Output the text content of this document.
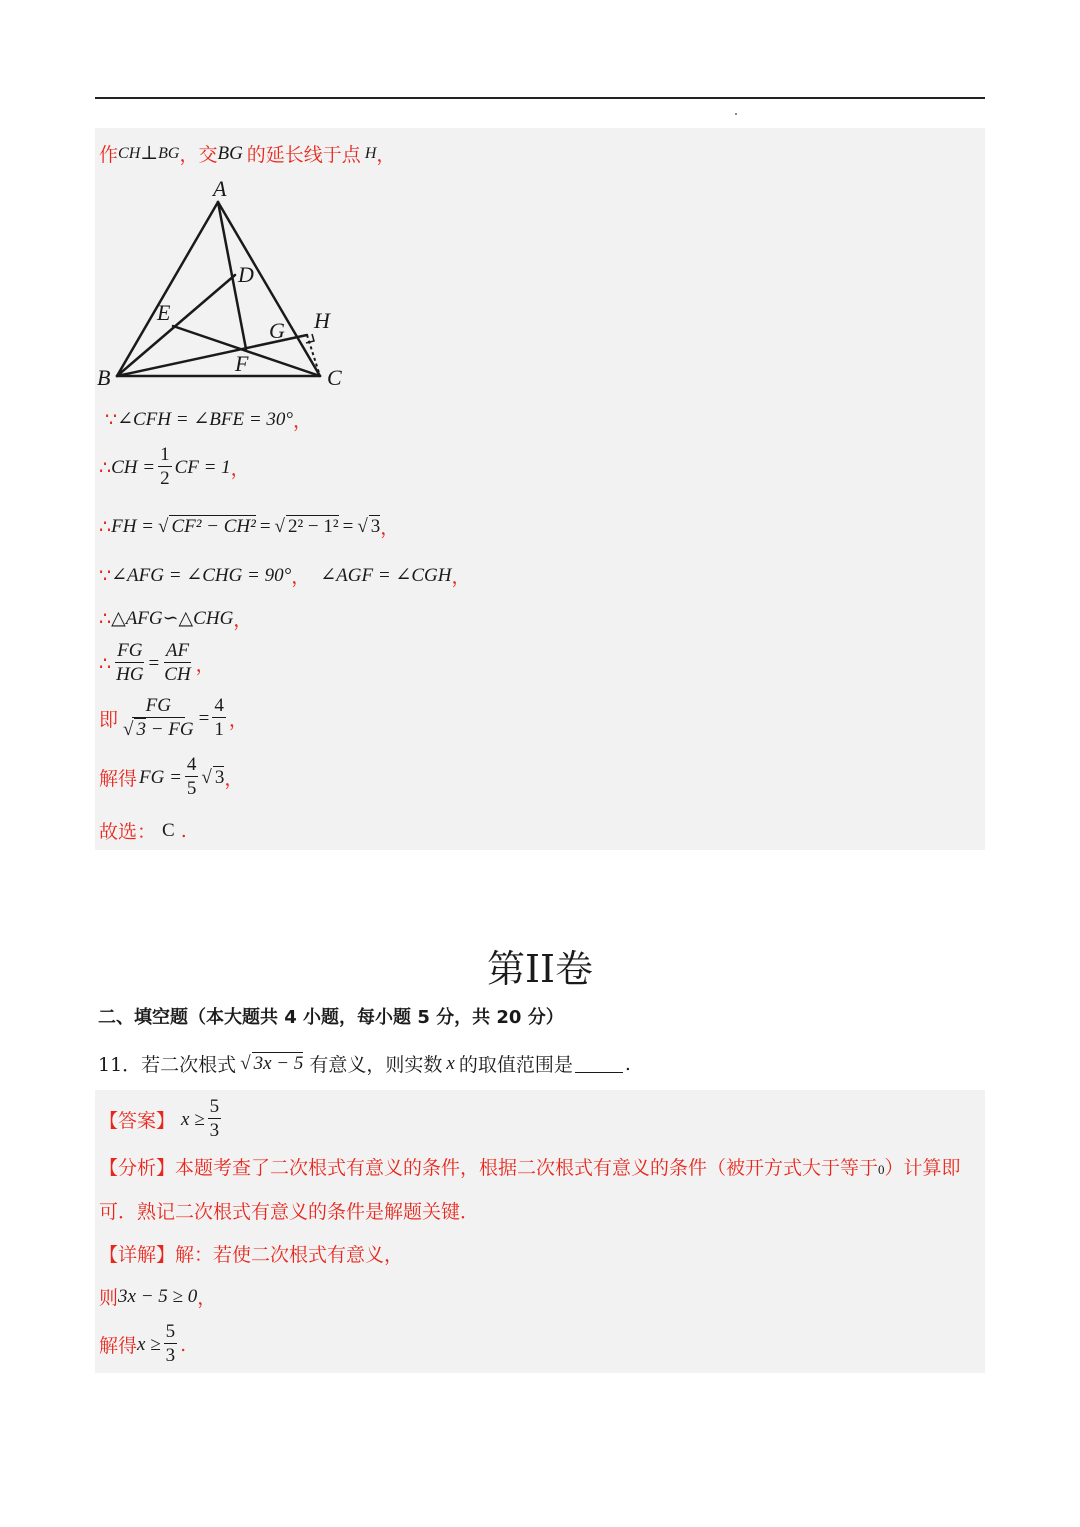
作 CH ⊥ BG ，交 BG 的延长线于点 H ，
A
B	C
D
E
F
G H
∵ ∠CFH = ∠BFE = 30° ，
∴ CH = $\frac{1}{2}$ CF = 1 ，
∴ FH = √ CF² − CH² = √ 2² − 1² = √ 3 ，
∵ ∠AFG = ∠CHG = 90° ， ∠AGF = ∠CGH ，
∴ △AFG∽△CHG ，
∴ $\frac{FG}{HG} = \frac{AF}{CH}$ ，
即 $\frac{FG}{√ 3 - FG} = \frac{4}{1}$ ，
解得 FG = $\frac{4}{5}$ √ 3 ，
故选： C .
第II卷
二、填空题（本大题共 4 小题，每小题 5 分，共 20 分）
11．若二次根式 √ 3x − 5 有意义，则实数 x 的取值范围是	.
【答案】 $x \ge \frac{5}{3}$
【分析】本题考查了二次根式有意义的条件，根据二次根式有意义的条件（被开方式大于等于0）计算即可．熟记二次根式有意义的条件是解题关键．
【详解】 解：若使二次根式有意义，
则 3x − 5 ≥ 0 ，
解得 $x \ge \frac{5}{3}$ .
